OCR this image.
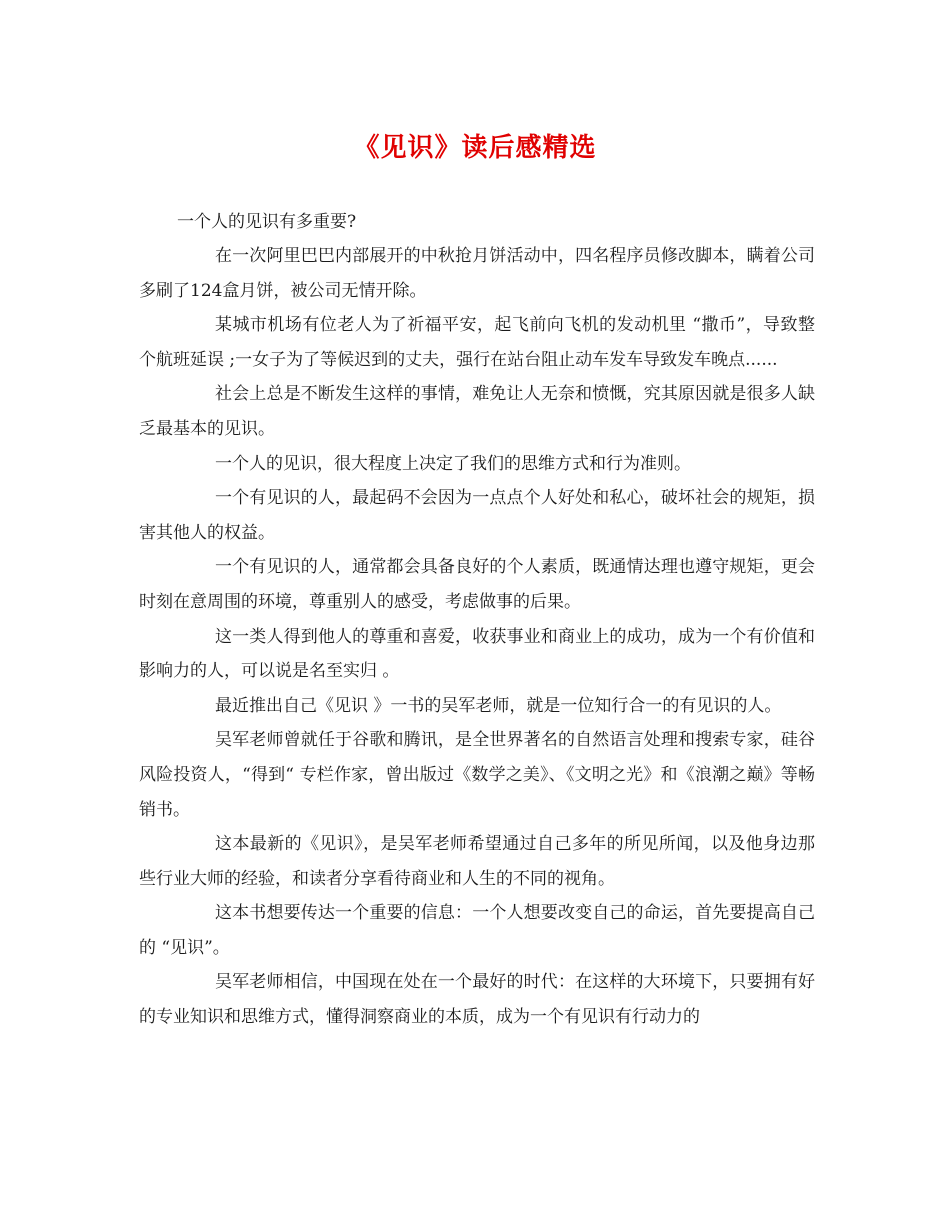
《见识》读后感精选

一个人的见识有多重要?

在一次阿里巴巴内部展开的中秋抢月饼活动中，四名程序员修改脚本，瞒着公司多刷了124盒月饼，被公司无情开除。

某城市机场有位老人为了祈福平安，起飞前向飞机的发动机里 “撒币”，导致整个航班延误 ;一女子为了等候迟到的丈夫，强行在站台阻止动车发车导致发车晚点......

社会上总是不断发生这样的事情，难免让人无奈和愤慨，究其原因就是很多人缺乏最基本的见识。

一个人的见识，很大程度上决定了我们的思维方式和行为准则。

一个有见识的人，最起码不会因为一点点个人好处和私心，破坏社会的规矩，损害其他人的权益。

一个有见识的人，通常都会具备良好的个人素质，既通情达理也遵守规矩，更会时刻在意周围的环境，尊重别人的感受，考虑做事的后果。

这一类人得到他人的尊重和喜爱，收获事业和商业上的成功，成为一个有价值和影响力的人，可以说是名至实归 。

最近推出自己《见识 》一书的吴军老师，就是一位知行合一的有见识的人。

吴军老师曾就任于谷歌和腾讯，是全世界著名的自然语言处理和搜索专家，硅谷风险投资人，“得到“ 专栏作家，曾出版过《数学之美》、《文明之光》和《浪潮之巅》等畅销书。

这本最新的《见识》，是吴军老师希望通过自己多年的所见所闻，以及他身边那些行业大师的经验，和读者分享看待商业和人生的不同的视角。

这本书想要传达一个重要的信息：一个人想要改变自己的命运，首先要提高自己的 “见识”。

吴军老师相信，中国现在处在一个最好的时代：在这样的大环境下，只要拥有好的专业知识和思维方式，懂得洞察商业的本质，成为一个有见识有行动力的
